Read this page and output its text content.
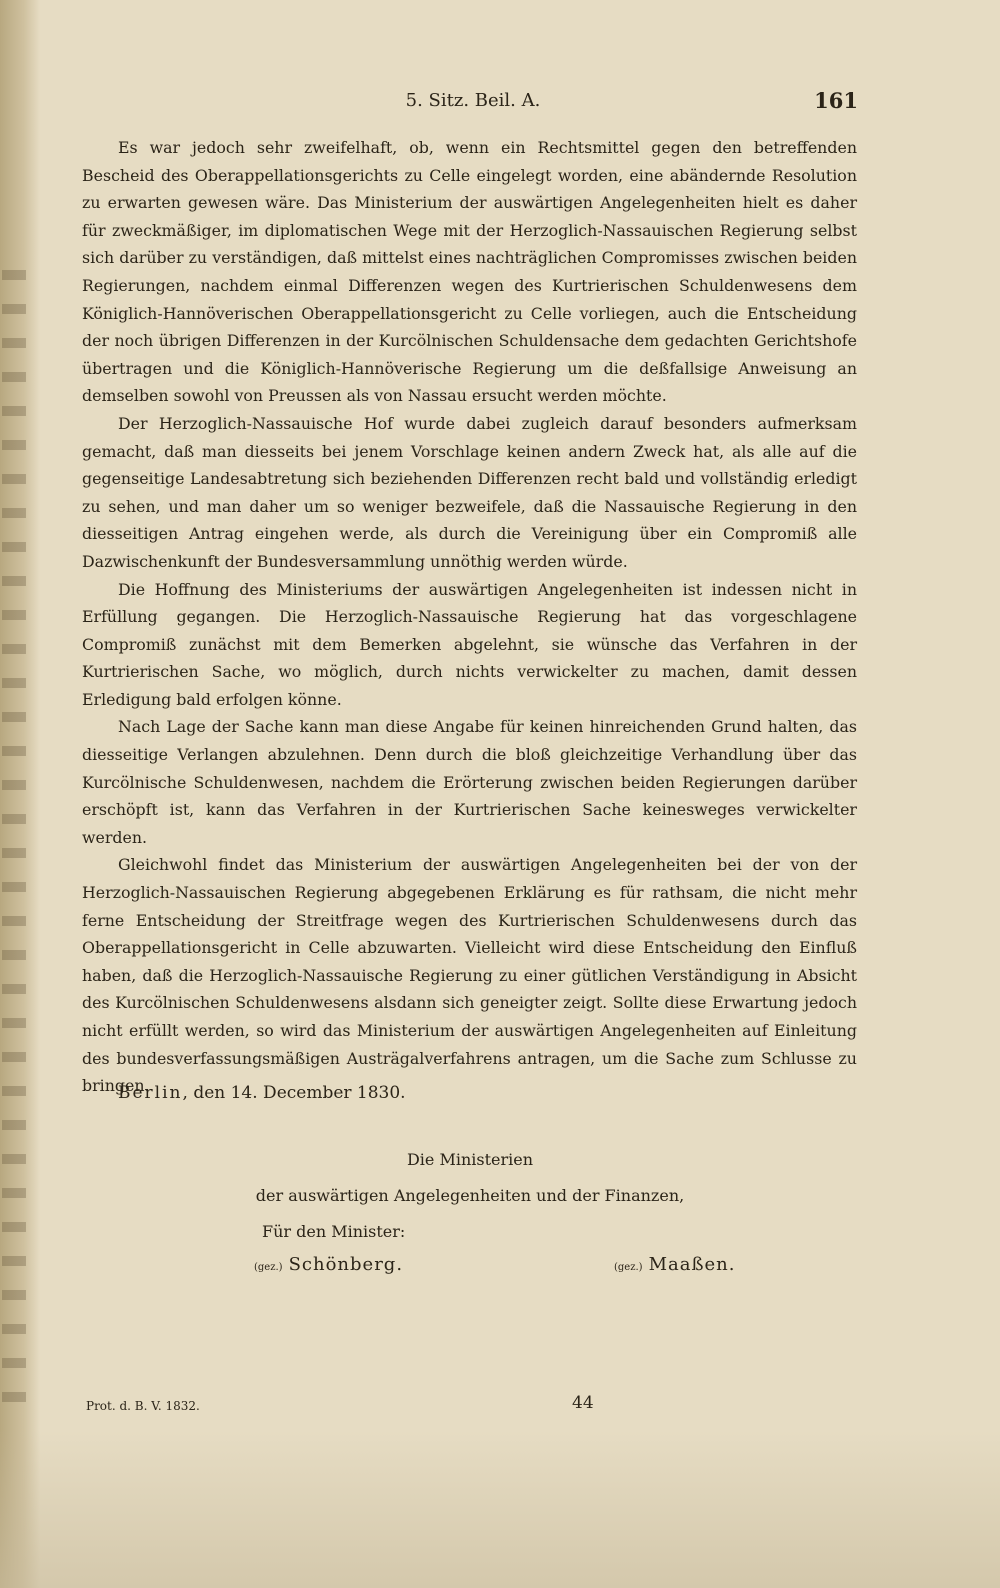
5. Sitz. Beil. A.	161

Es war jedoch sehr zweifelhaft, ob, wenn ein Rechtsmittel gegen den betreffenden Bescheid des Oberappellationsgerichts zu Celle eingelegt worden, eine abändernde Resolution zu erwarten gewesen wäre. Das Ministerium der auswärtigen Angelegenheiten hielt es daher für zweckmäßiger, im diplomatischen Wege mit der Herzoglich-Nassauischen Regierung selbst sich darüber zu verständigen, daß mittelst eines nachträglichen Compromisses zwischen beiden Regierungen, nachdem einmal Differenzen wegen des Kurtrierischen Schuldenwesens dem Königlich-Hannöverischen Oberappellationsgericht zu Celle vorliegen, auch die Entscheidung der noch übrigen Differenzen in der Kurcölnischen Schuldensache dem gedachten Gerichtshofe übertragen und die Königlich-Hannöverische Regierung um die deßfallsige Anweisung an demselben sowohl von Preussen als von Nassau ersucht werden möchte.

Der Herzoglich-Nassauische Hof wurde dabei zugleich darauf besonders aufmerksam gemacht, daß man diesseits bei jenem Vorschlage keinen andern Zweck hat, als alle auf die gegenseitige Landesabtretung sich beziehenden Differenzen recht bald und vollständig erledigt zu sehen, und man daher um so weniger bezweifele, daß die Nassauische Regierung in den diesseitigen Antrag eingehen werde, als durch die Vereinigung über ein Compromiß alle Dazwischenkunft der Bundesversammlung unnöthig werden würde.

Die Hoffnung des Ministeriums der auswärtigen Angelegenheiten ist indessen nicht in Erfüllung gegangen. Die Herzoglich-Nassauische Regierung hat das vorgeschlagene Compromiß zunächst mit dem Bemerken abgelehnt, sie wünsche das Verfahren in der Kurtrierischen Sache, wo möglich, durch nichts verwickelter zu machen, damit dessen Erledigung bald erfolgen könne.

Nach Lage der Sache kann man diese Angabe für keinen hinreichenden Grund halten, das diesseitige Verlangen abzulehnen. Denn durch die bloß gleichzeitige Verhandlung über das Kurcölnische Schuldenwesen, nachdem die Erörterung zwischen beiden Regierungen darüber erschöpft ist, kann das Verfahren in der Kurtrierischen Sache keinesweges verwickelter werden.

Gleichwohl findet das Ministerium der auswärtigen Angelegenheiten bei der von der Herzoglich-Nassauischen Regierung abgegebenen Erklärung es für rathsam, die nicht mehr ferne Entscheidung der Streitfrage wegen des Kurtrierischen Schuldenwesens durch das Oberappellationsgericht in Celle abzuwarten. Vielleicht wird diese Entscheidung den Einfluß haben, daß die Herzoglich-Nassauische Regierung zu einer gütlichen Verständigung in Absicht des Kurcölnischen Schuldenwesens alsdann sich geneigter zeigt. Sollte diese Erwartung jedoch nicht erfüllt werden, so wird das Ministerium der auswärtigen Angelegenheiten auf Einleitung des bundesverfassungsmäßigen Austrägalverfahrens antragen, um die Sache zum Schlusse zu bringen.

Berlin, den 14. December 1830.
Die Ministerien
der auswärtigen Angelegenheiten und der Finanzen,
Für den Minister:
(gez.) Schönberg.	(gez.) Maaßen.
Prot. d. B. V. 1832.	44
